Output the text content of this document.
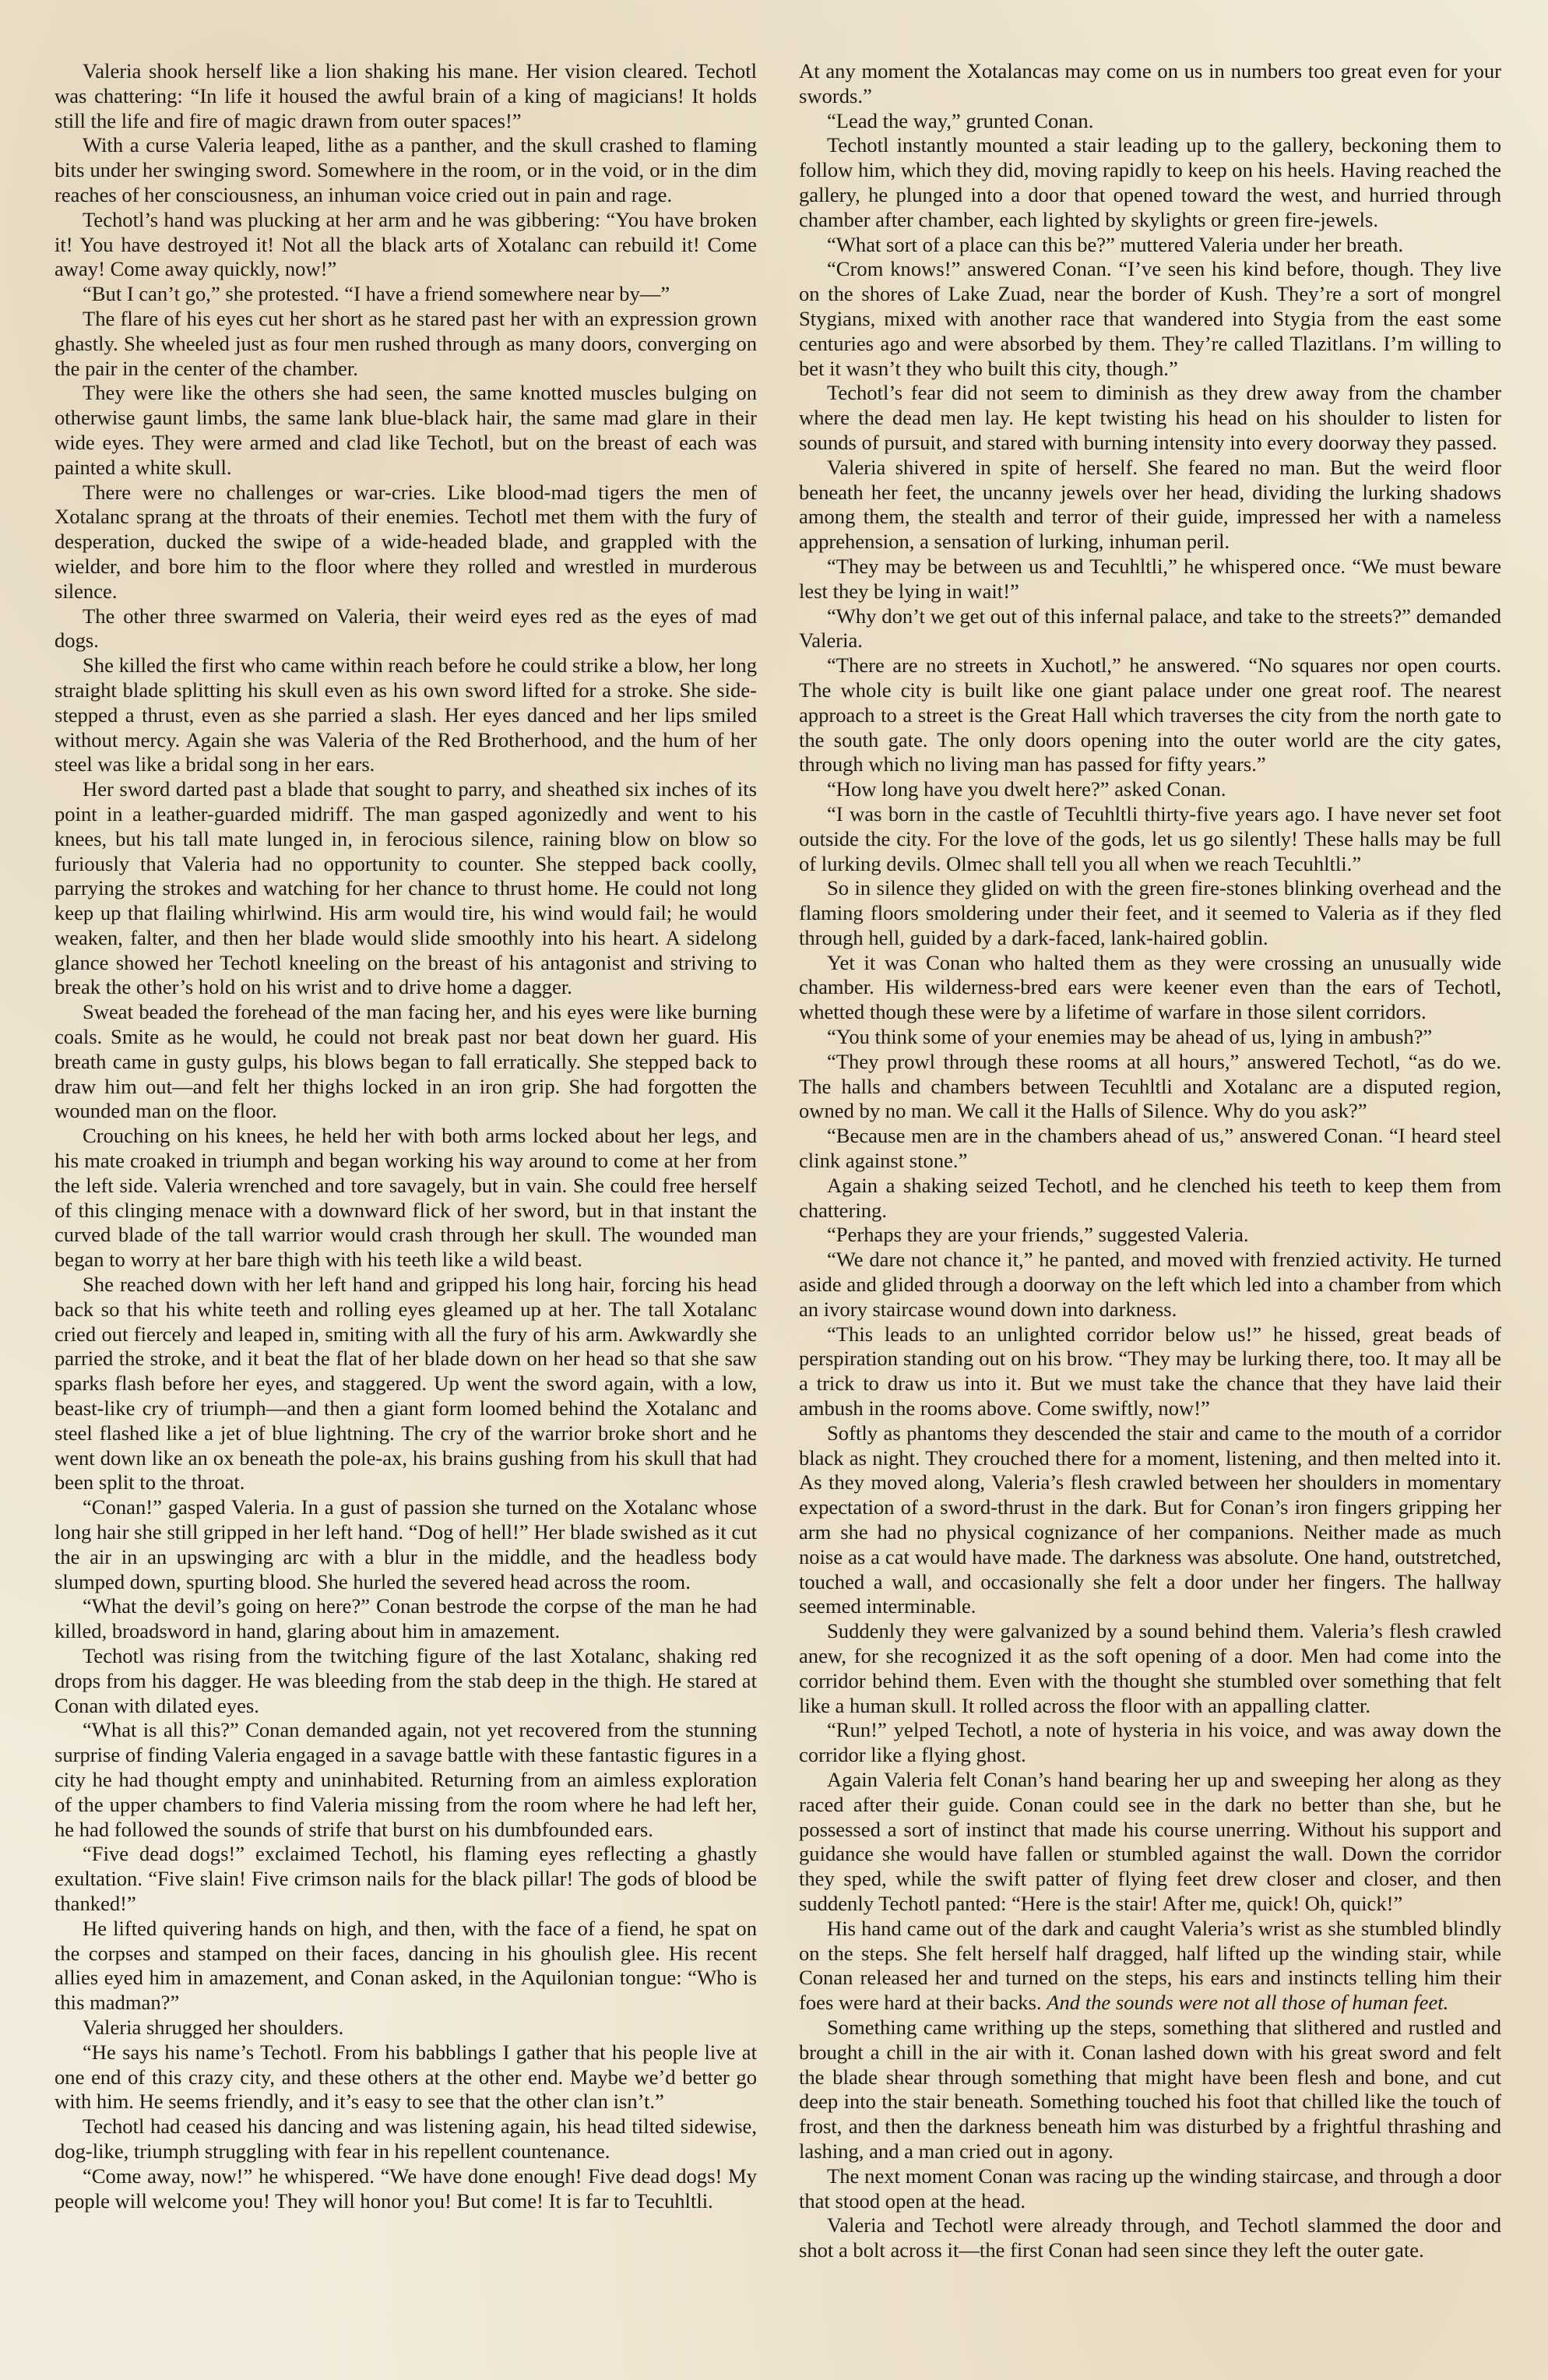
Valeria shook herself like a lion shaking his mane. Her vision cleared. Techotl was chattering: “In life it housed the awful brain of a king of magicians! It holds still the life and fire of magic drawn from outer spaces!”

With a curse Valeria leaped, lithe as a panther, and the skull crashed to flaming bits under her swinging sword. Somewhere in the room, or in the void, or in the dim reaches of her consciousness, an inhuman voice cried out in pain and rage.

Techotl’s hand was plucking at her arm and he was gibbering: “You have broken it! You have destroyed it! Not all the black arts of Xotalanc can rebuild it! Come away! Come away quickly, now!”

“But I can’t go,” she protested. “I have a friend somewhere near by—”

The flare of his eyes cut her short as he stared past her with an expression grown ghastly. She wheeled just as four men rushed through as many doors, converging on the pair in the center of the chamber.

They were like the others she had seen, the same knotted muscles bulging on otherwise gaunt limbs, the same lank blue-black hair, the same mad glare in their wide eyes. They were armed and clad like Techotl, but on the breast of each was painted a white skull.

There were no challenges or war-cries. Like blood-mad tigers the men of Xotalanc sprang at the throats of their enemies. Techotl met them with the fury of desperation, ducked the swipe of a wide-headed blade, and grappled with the wielder, and bore him to the floor where they rolled and wrestled in murderous silence.

The other three swarmed on Valeria, their weird eyes red as the eyes of mad dogs.

She killed the first who came within reach before he could strike a blow, her long straight blade splitting his skull even as his own sword lifted for a stroke. She side-stepped a thrust, even as she parried a slash. Her eyes danced and her lips smiled without mercy. Again she was Valeria of the Red Brotherhood, and the hum of her steel was like a bridal song in her ears.

Her sword darted past a blade that sought to parry, and sheathed six inches of its point in a leather-guarded midriff. The man gasped agonizedly and went to his knees, but his tall mate lunged in, in ferocious silence, raining blow on blow so furiously that Valeria had no opportunity to counter. She stepped back coolly, parrying the strokes and watching for her chance to thrust home. He could not long keep up that flailing whirlwind. His arm would tire, his wind would fail; he would weaken, falter, and then her blade would slide smoothly into his heart. A sidelong glance showed her Techotl kneeling on the breast of his antagonist and striving to break the other’s hold on his wrist and to drive home a dagger.

Sweat beaded the forehead of the man facing her, and his eyes were like burning coals. Smite as he would, he could not break past nor beat down her guard. His breath came in gusty gulps, his blows began to fall erratically. She stepped back to draw him out—and felt her thighs locked in an iron grip. She had forgotten the wounded man on the floor.

Crouching on his knees, he held her with both arms locked about her legs, and his mate croaked in triumph and began working his way around to come at her from the left side. Valeria wrenched and tore savagely, but in vain. She could free herself of this clinging menace with a downward flick of her sword, but in that instant the curved blade of the tall warrior would crash through her skull. The wounded man began to worry at her bare thigh with his teeth like a wild beast.

She reached down with her left hand and gripped his long hair, forcing his head back so that his white teeth and rolling eyes gleamed up at her. The tall Xotalanc cried out fiercely and leaped in, smiting with all the fury of his arm. Awkwardly she parried the stroke, and it beat the flat of her blade down on her head so that she saw sparks flash before her eyes, and staggered. Up went the sword again, with a low, beast-like cry of triumph—and then a giant form loomed behind the Xotalanc and steel flashed like a jet of blue lightning. The cry of the warrior broke short and he went down like an ox beneath the pole-ax, his brains gushing from his skull that had been split to the throat.

“Conan!” gasped Valeria. In a gust of passion she turned on the Xotalanc whose long hair she still gripped in her left hand. “Dog of hell!” Her blade swished as it cut the air in an upswinging arc with a blur in the middle, and the headless body slumped down, spurting blood. She hurled the severed head across the room.

“What the devil’s going on here?” Conan bestrode the corpse of the man he had killed, broadsword in hand, glaring about him in amazement.

Techotl was rising from the twitching figure of the last Xotalanc, shaking red drops from his dagger. He was bleeding from the stab deep in the thigh. He stared at Conan with dilated eyes.

“What is all this?” Conan demanded again, not yet recovered from the stunning surprise of finding Valeria engaged in a savage battle with these fantastic figures in a city he had thought empty and uninhabited. Returning from an aimless exploration of the upper chambers to find Valeria missing from the room where he had left her, he had followed the sounds of strife that burst on his dumbfounded ears.

“Five dead dogs!” exclaimed Techotl, his flaming eyes reflecting a ghastly exultation. “Five slain! Five crimson nails for the black pillar! The gods of blood be thanked!”

He lifted quivering hands on high, and then, with the face of a fiend, he spat on the corpses and stamped on their faces, dancing in his ghoulish glee. His recent allies eyed him in amazement, and Conan asked, in the Aquilonian tongue: “Who is this madman?”

Valeria shrugged her shoulders.

“He says his name’s Techotl. From his babblings I gather that his people live at one end of this crazy city, and these others at the other end. Maybe we’d better go with him. He seems friendly, and it’s easy to see that the other clan isn’t.”

Techotl had ceased his dancing and was listening again, his head tilted sidewise, dog-like, triumph struggling with fear in his repellent countenance.

“Come away, now!” he whispered. “We have done enough! Five dead dogs! My people will welcome you! They will honor you! But come! It is far to Tecuhltli.

At any moment the Xotalancas may come on us in numbers too great even for your swords.”

“Lead the way,” grunted Conan.

Techotl instantly mounted a stair leading up to the gallery, beckoning them to follow him, which they did, moving rapidly to keep on his heels. Having reached the gallery, he plunged into a door that opened toward the west, and hurried through chamber after chamber, each lighted by skylights or green fire-jewels.

“What sort of a place can this be?” muttered Valeria under her breath.

“Crom knows!” answered Conan. “I’ve seen his kind before, though. They live on the shores of Lake Zuad, near the border of Kush. They’re a sort of mongrel Stygians, mixed with another race that wandered into Stygia from the east some centuries ago and were absorbed by them. They’re called Tlazitlans. I’m willing to bet it wasn’t they who built this city, though.”

Techotl’s fear did not seem to diminish as they drew away from the chamber where the dead men lay. He kept twisting his head on his shoulder to listen for sounds of pursuit, and stared with burning intensity into every doorway they passed.

Valeria shivered in spite of herself. She feared no man. But the weird floor beneath her feet, the uncanny jewels over her head, dividing the lurking shadows among them, the stealth and terror of their guide, impressed her with a nameless apprehension, a sensation of lurking, inhuman peril.

“They may be between us and Tecuhltli,” he whispered once. “We must beware lest they be lying in wait!”

“Why don’t we get out of this infernal palace, and take to the streets?” demanded Valeria.

“There are no streets in Xuchotl,” he answered. “No squares nor open courts. The whole city is built like one giant palace under one great roof. The nearest approach to a street is the Great Hall which traverses the city from the north gate to the south gate. The only doors opening into the outer world are the city gates, through which no living man has passed for fifty years.”

“How long have you dwelt here?” asked Conan.

“I was born in the castle of Tecuhltli thirty-five years ago. I have never set foot outside the city. For the love of the gods, let us go silently! These halls may be full of lurking devils. Olmec shall tell you all when we reach Tecuhltli.”

So in silence they glided on with the green fire-stones blinking overhead and the flaming floors smoldering under their feet, and it seemed to Valeria as if they fled through hell, guided by a dark-faced, lank-haired goblin.

Yet it was Conan who halted them as they were crossing an unusually wide chamber. His wilderness-bred ears were keener even than the ears of Techotl, whetted though these were by a lifetime of warfare in those silent corridors.

“You think some of your enemies may be ahead of us, lying in ambush?”

“They prowl through these rooms at all hours,” answered Techotl, “as do we. The halls and chambers between Tecuhltli and Xotalanc are a disputed region, owned by no man. We call it the Halls of Silence. Why do you ask?”

“Because men are in the chambers ahead of us,” answered Conan. “I heard steel clink against stone.”

Again a shaking seized Techotl, and he clenched his teeth to keep them from chattering.

“Perhaps they are your friends,” suggested Valeria.

“We dare not chance it,” he panted, and moved with frenzied activity. He turned aside and glided through a doorway on the left which led into a chamber from which an ivory staircase wound down into darkness.

“This leads to an unlighted corridor below us!” he hissed, great beads of perspiration standing out on his brow. “They may be lurking there, too. It may all be a trick to draw us into it. But we must take the chance that they have laid their ambush in the rooms above. Come swiftly, now!”

Softly as phantoms they descended the stair and came to the mouth of a corridor black as night. They crouched there for a moment, listening, and then melted into it. As they moved along, Valeria’s flesh crawled between her shoulders in momentary expectation of a sword-thrust in the dark. But for Conan’s iron fingers gripping her arm she had no physical cognizance of her companions. Neither made as much noise as a cat would have made. The darkness was absolute. One hand, outstretched, touched a wall, and occasionally she felt a door under her fingers. The hallway seemed interminable.

Suddenly they were galvanized by a sound behind them. Valeria’s flesh crawled anew, for she recognized it as the soft opening of a door. Men had come into the corridor behind them. Even with the thought she stumbled over something that felt like a human skull. It rolled across the floor with an appalling clatter.

“Run!” yelped Techotl, a note of hysteria in his voice, and was away down the corridor like a flying ghost.

Again Valeria felt Conan’s hand bearing her up and sweeping her along as they raced after their guide. Conan could see in the dark no better than she, but he possessed a sort of instinct that made his course unerring. Without his support and guidance she would have fallen or stumbled against the wall. Down the corridor they sped, while the swift patter of flying feet drew closer and closer, and then suddenly Techotl panted: “Here is the stair! After me, quick! Oh, quick!”

His hand came out of the dark and caught Valeria’s wrist as she stumbled blindly on the steps. She felt herself half dragged, half lifted up the winding stair, while Conan released her and turned on the steps, his ears and instincts telling him their foes were hard at their backs. And the sounds were not all those of human feet.

Something came writhing up the steps, something that slithered and rustled and brought a chill in the air with it. Conan lashed down with his great sword and felt the blade shear through something that might have been flesh and bone, and cut deep into the stair beneath. Something touched his foot that chilled like the touch of frost, and then the darkness beneath him was disturbed by a frightful thrashing and lashing, and a man cried out in agony.

The next moment Conan was racing up the winding staircase, and through a door that stood open at the head.

Valeria and Techotl were already through, and Techotl slammed the door and shot a bolt across it—the first Conan had seen since they left the outer gate.
